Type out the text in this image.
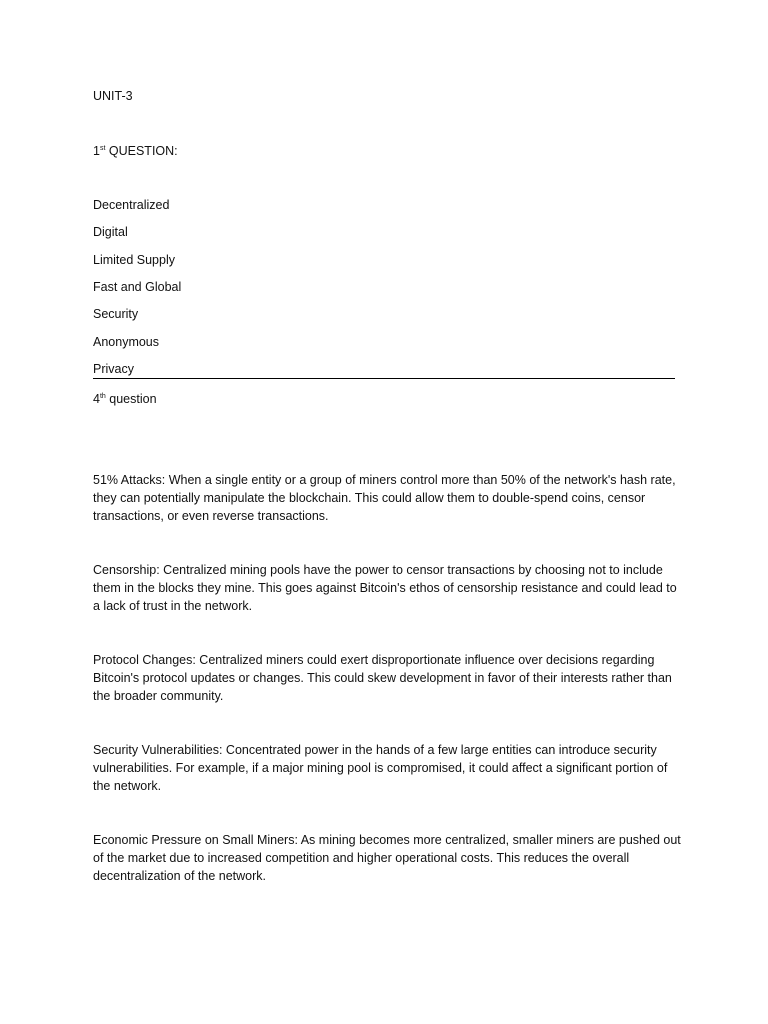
UNIT-3
1st QUESTION:
Decentralized
Digital
Limited Supply
Fast and Global
Security
Anonymous
Privacy
4th question
51% Attacks: When a single entity or a group of miners control more than 50% of the network's hash rate, they can potentially manipulate the blockchain. This could allow them to double-spend coins, censor transactions, or even reverse transactions.
Censorship: Centralized mining pools have the power to censor transactions by choosing not to include them in the blocks they mine. This goes against Bitcoin's ethos of censorship resistance and could lead to a lack of trust in the network.
Protocol Changes: Centralized miners could exert disproportionate influence over decisions regarding Bitcoin's protocol updates or changes. This could skew development in favor of their interests rather than the broader community.
Security Vulnerabilities: Concentrated power in the hands of a few large entities can introduce security vulnerabilities. For example, if a major mining pool is compromised, it could affect a significant portion of the network.
Economic Pressure on Small Miners: As mining becomes more centralized, smaller miners are pushed out of the market due to increased competition and higher operational costs. This reduces the overall decentralization of the network.
